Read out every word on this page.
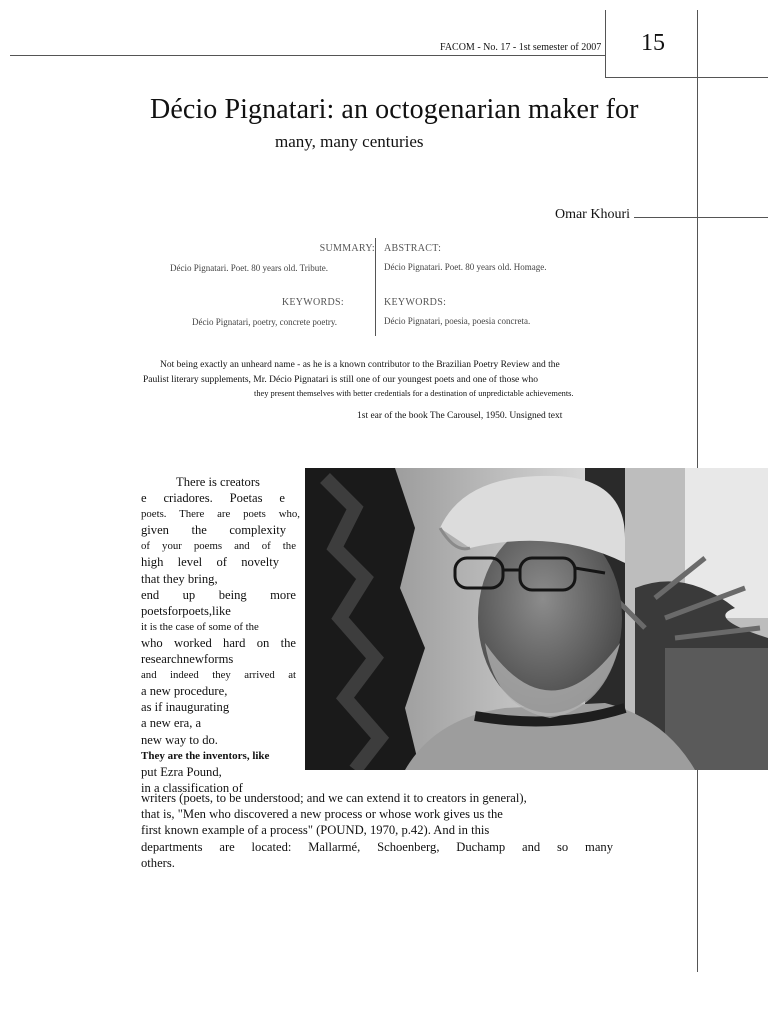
FACOM - No. 17 - 1st semester of 2007 15
Décio Pignatari: an octogenarian maker for
many, many centuries
Omar Khouri
SUMMARY:
Décio Pignatari. Poet. 80 years old. Tribute.
ABSTRACT:
Décio Pignatari. Poet. 80 years old. Homage.
KEYWORDS:
Décio Pignatari, poetry, concrete poetry.
KEYWORDS:
Décio Pignatari, poesia, poesia concreta.
Not being exactly an unheard name - as he is a known contributor to the Brazilian Poetry Review and the
Paulist literary supplements, Mr. Décio Pignatari is still one of our youngest poets and one of those who
they present themselves with better credentials for a destination of unpredictable achievements.
1st ear of the book The Carousel, 1950. Unsigned text
There is creators
e criadores. Poetas e
poets. There are poets who,
given the complexity
of your poems and of the
high level of novelty
that they bring,
end up being more
poetsforpoets,like
it is the case of some of the
who worked hard on the
researchnewforms
and indeed they arrived at
a new procedure,
as if inaugurating
a new era, a
new way to do.
They are the inventors, like
put Ezra Pound,
in a classification of
writers (poets, to be understood; and we can extend it to creators in general),
that is, "Men who discovered a new process or whose work gives us the
first known example of a process" (POUND, 1970, p.42). And in this
departments are located: Mallarmé, Schoenberg, Duchamp and so many
others.
